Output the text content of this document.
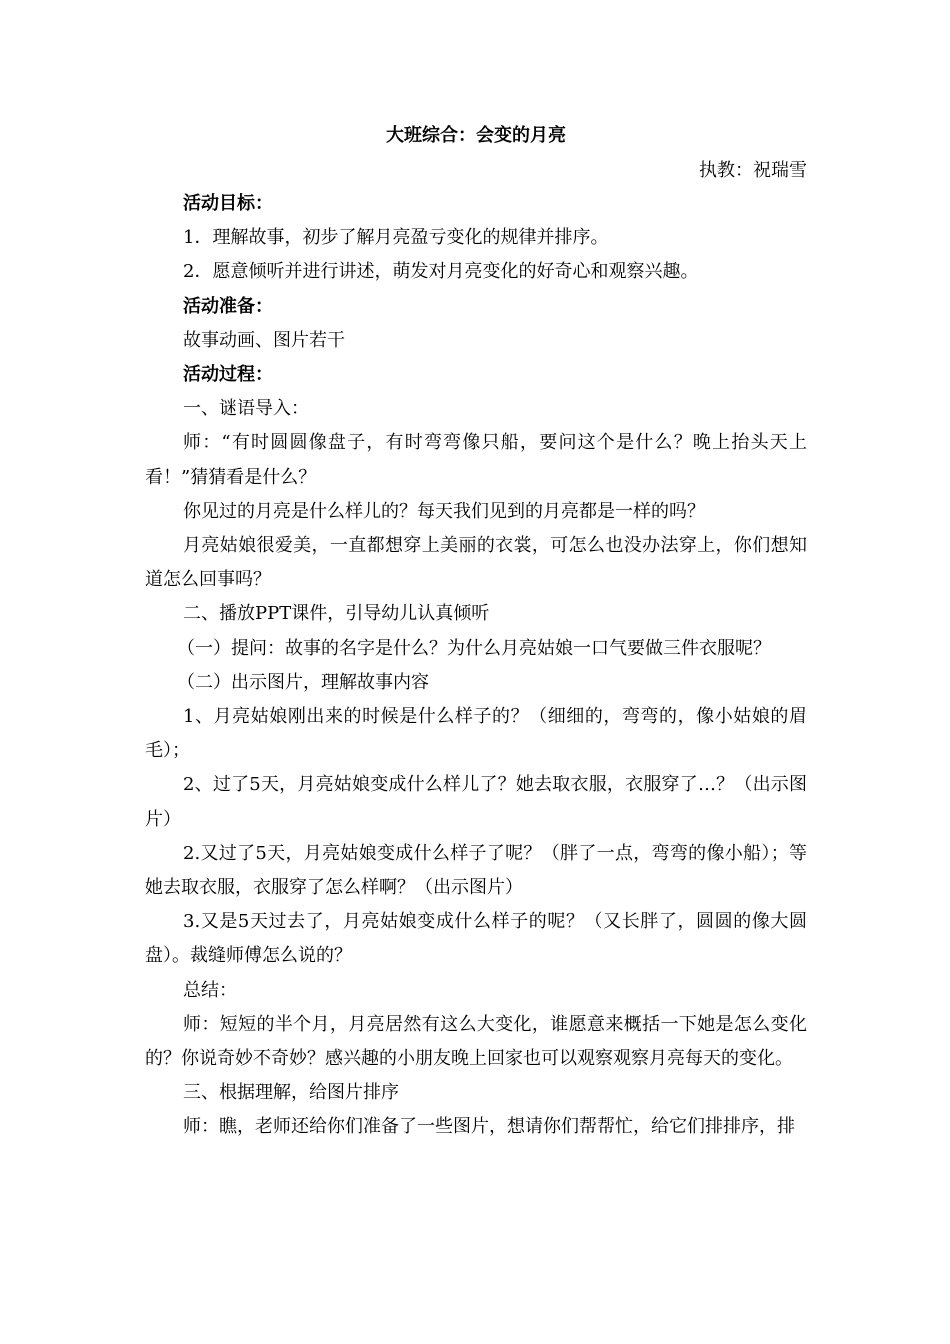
大班综合：会变的月亮

执教：祝瑞雪

活动目标：

1．理解故事，初步了解月亮盈亏变化的规律并排序。

2．愿意倾听并进行讲述，萌发对月亮变化的好奇心和观察兴趣。

活动准备：

故事动画、图片若干

活动过程：

一、谜语导入：

师：“有时圆圆像盘子，有时弯弯像只船，要问这个是什么？晚上抬头天上看！”猜猜看是什么？

你见过的月亮是什么样儿的？每天我们见到的月亮都是一样的吗？

月亮姑娘很爱美，一直都想穿上美丽的衣裳，可怎么也没办法穿上，你们想知道怎么回事吗？

二、播放PPT课件，引导幼儿认真倾听

（一）提问：故事的名字是什么？为什么月亮姑娘一口气要做三件衣服呢？

（二）出示图片，理解故事内容

1、月亮姑娘刚出来的时候是什么样子的？（细细的，弯弯的，像小姑娘的眉毛）；

2、过了5天，月亮姑娘变成什么样儿了？她去取衣服，衣服穿了…？（出示图片）

2.又过了5天，月亮姑娘变成什么样子了呢？（胖了一点，弯弯的像小船）；等她去取衣服，衣服穿了怎么样啊？（出示图片）

3.又是5天过去了，月亮姑娘变成什么样子的呢？（又长胖了，圆圆的像大圆盘）。裁缝师傅怎么说的？

总结：

师：短短的半个月，月亮居然有这么大变化，谁愿意来概括一下她是怎么变化的？你说奇妙不奇妙？感兴趣的小朋友晚上回家也可以观察观察月亮每天的变化。

三、根据理解，给图片排序

师：瞧，老师还给你们准备了一些图片，想请你们帮帮忙，给它们排排序，排
